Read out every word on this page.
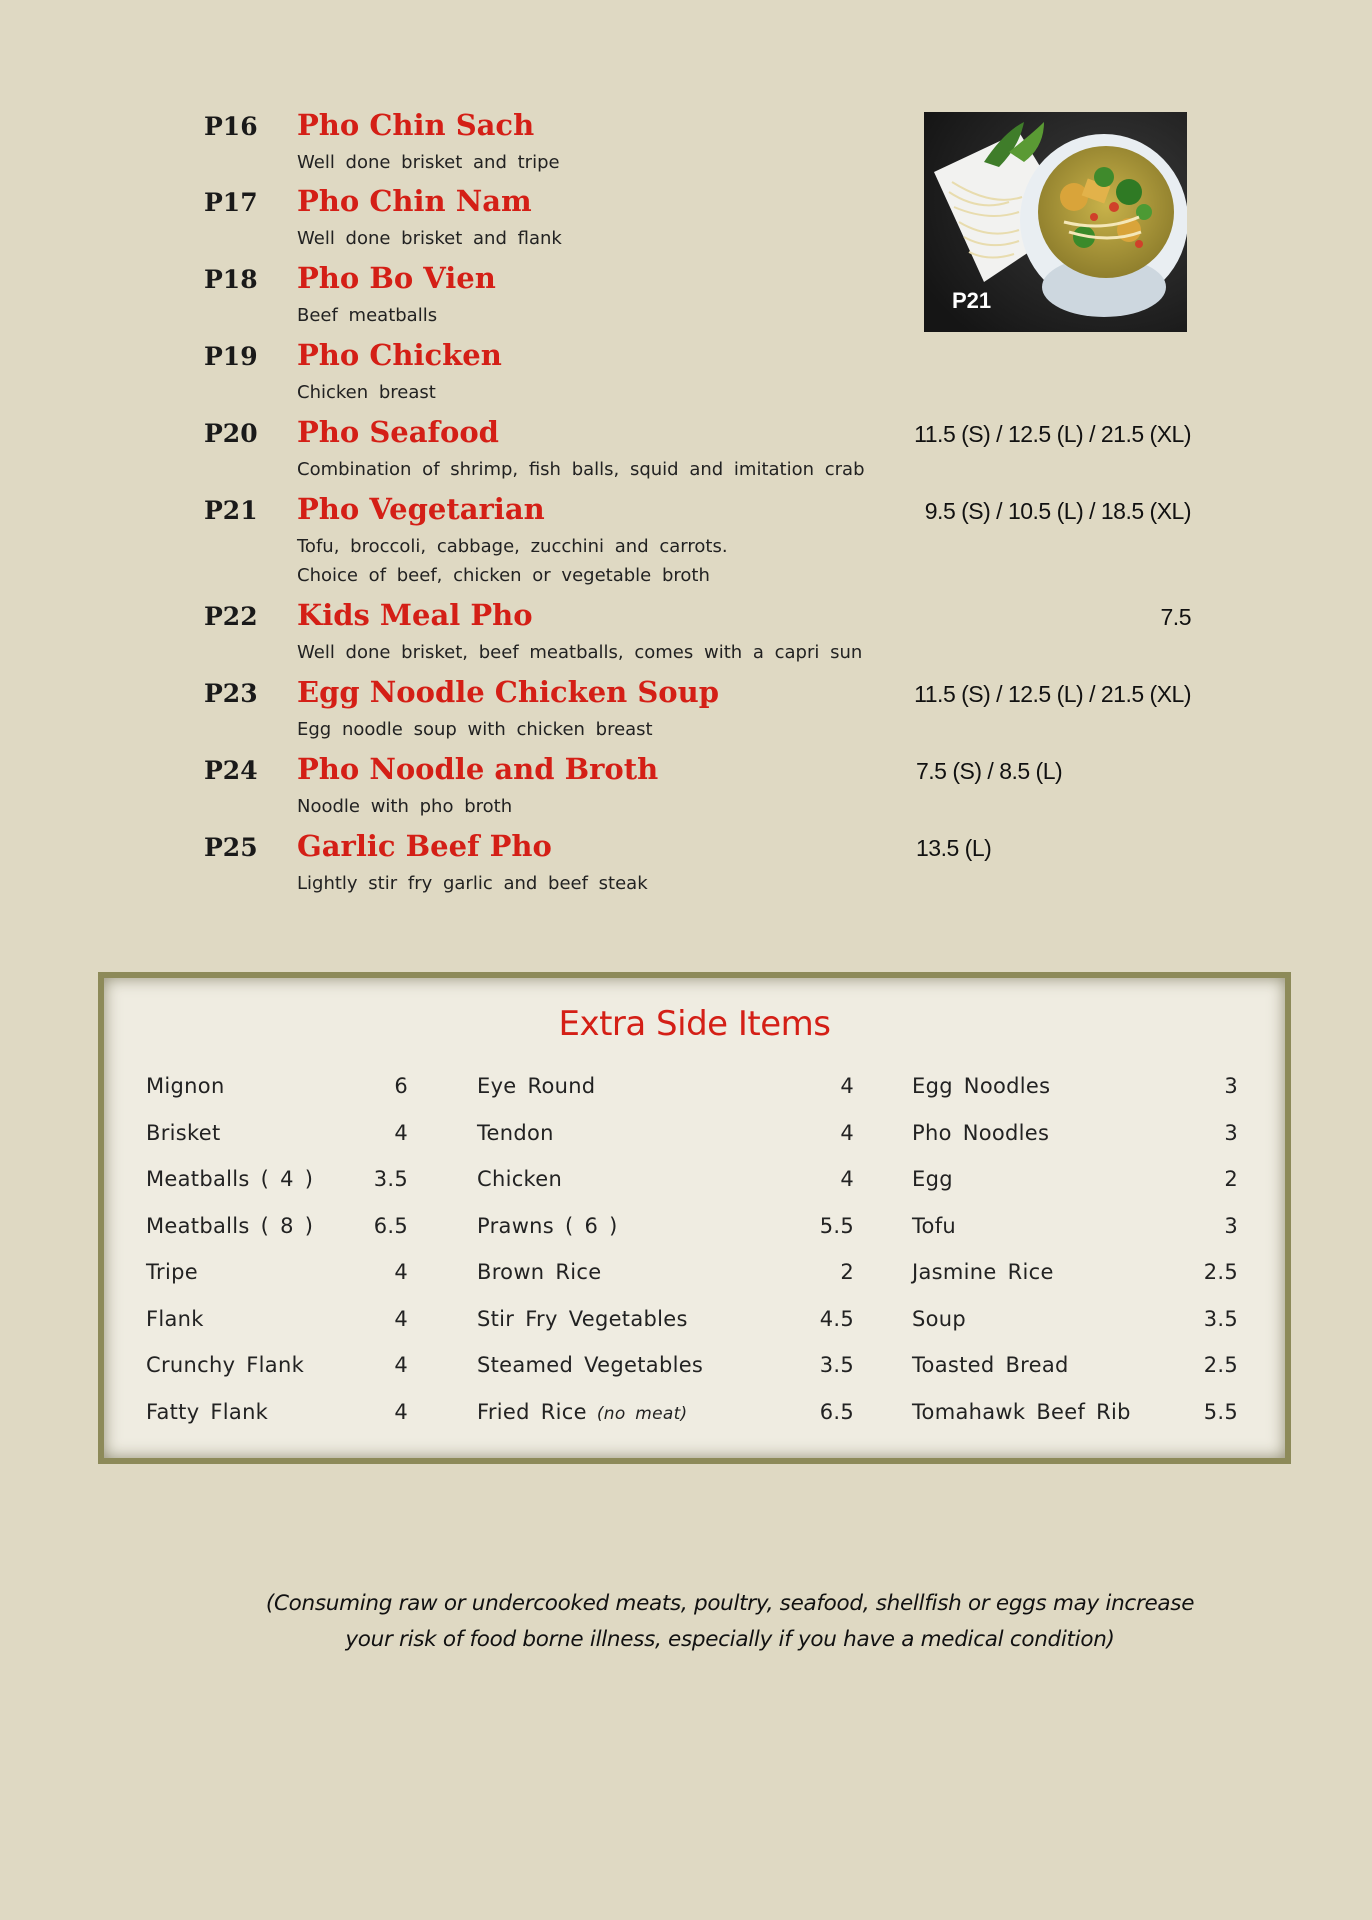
P16 Pho Chin Sach
Well done brisket and tripe
P17 Pho Chin Nam
Well done brisket and flank
P18 Pho Bo Vien
Beef meatballs
P19 Pho Chicken
Chicken breast
P20 Pho Seafood	11.5 (S) / 12.5 (L) / 21.5 (XL)
Combination of shrimp, fish balls, squid and imitation crab
P21 Pho Vegetarian	9.5 (S) / 10.5 (L) / 18.5 (XL)
Tofu, broccoli, cabbage, zucchini and carrots.
Choice of beef, chicken or vegetable broth
P22 Kids Meal Pho	7.5
Well done brisket, beef meatballs, comes with a capri sun
P23 Egg Noodle Chicken Soup	11.5 (S) / 12.5 (L) / 21.5 (XL)
Egg noodle soup with chicken breast
P24 Pho Noodle and Broth	7.5 (S) / 8.5 (L)
Noodle with pho broth
P25 Garlic Beef Pho	13.5 (L)
Lightly stir fry garlic and beef steak
P21
Extra Side Items
Mignon	6
Brisket	4
Meatballs ( 4 )	3.5
Meatballs ( 8 )	6.5
Tripe	4
Flank	4
Crunchy Flank	4
Fatty Flank	4
Eye Round	4
Tendon	4
Chicken	4
Prawns ( 6 )	5.5
Brown Rice	2
Stir Fry Vegetables	4.5
Steamed Vegetables	3.5
Fried Rice (no meat)	6.5
Egg Noodles	3
Pho Noodles	3
Egg	2
Tofu	3
Jasmine Rice	2.5
Soup	3.5
Toasted Bread	2.5
Tomahawk Beef Rib	5.5
(Consuming raw or undercooked meats, poultry, seafood, shellfish or eggs may increase
your risk of food borne illness, especially if you have a medical condition)
